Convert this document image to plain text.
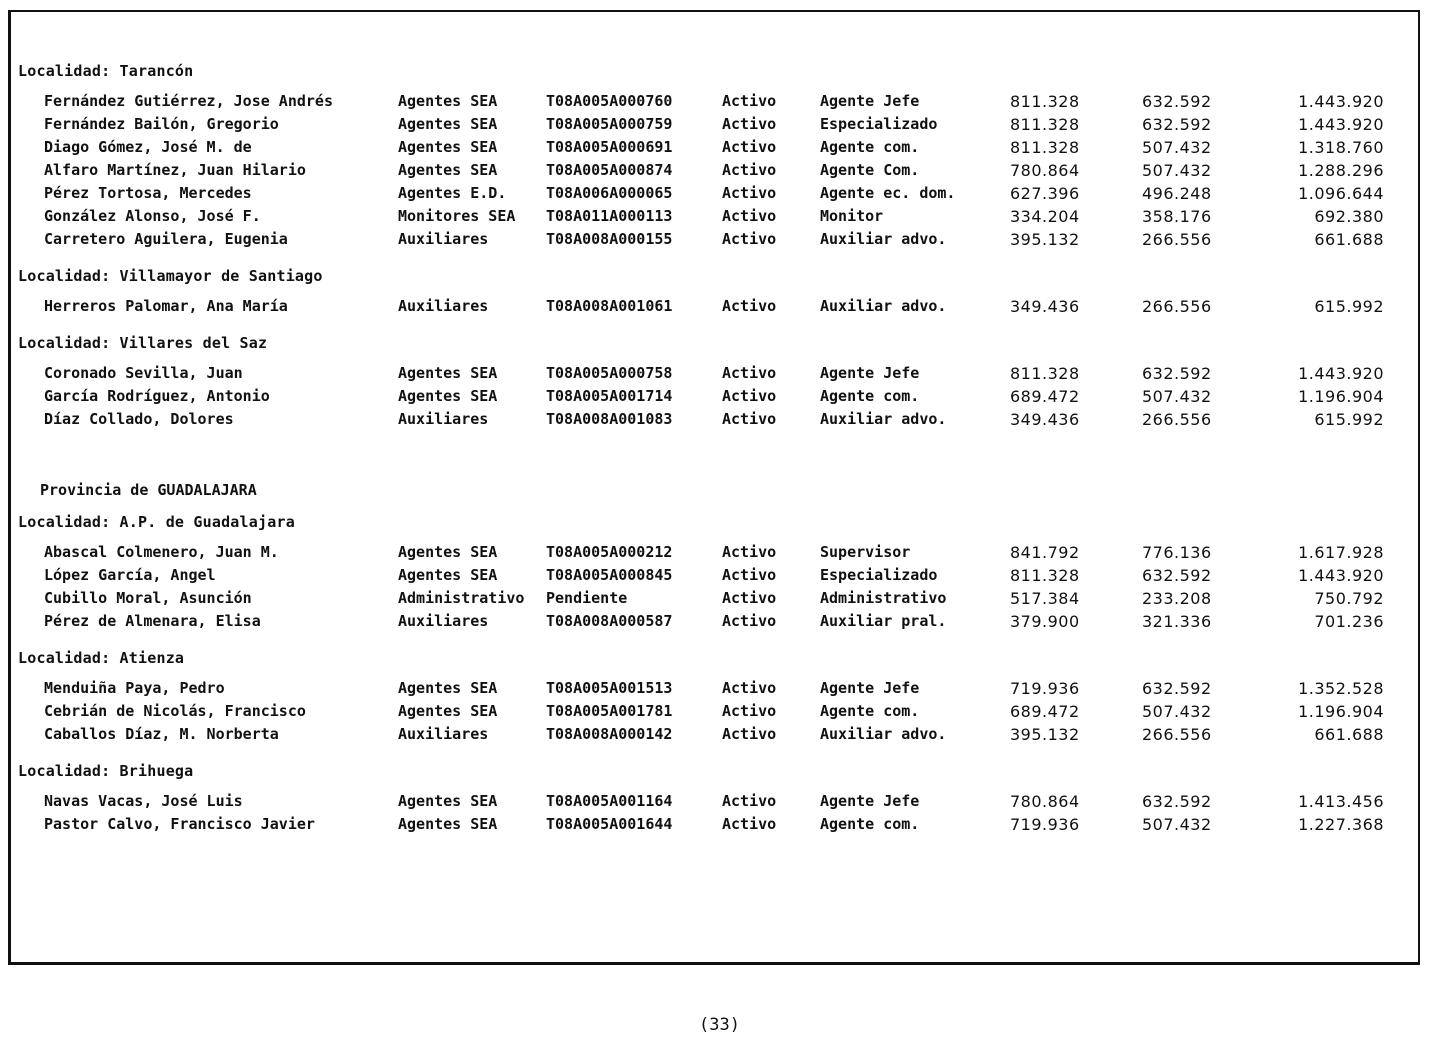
Localidad: Tarancón
Fernández Gutiérrez, Jose Andrés	Agentes SEA	T08A005A000760	Activo	Agente Jefe	811.328	632.592	1.443.920
Fernández Bailón, Gregorio	Agentes SEA	T08A005A000759	Activo	Especializado	811.328	632.592	1.443.920
Diago Gómez, José M. de	Agentes SEA	T08A005A000691	Activo	Agente com.	811.328	507.432	1.318.760
Alfaro Martínez, Juan Hilario	Agentes SEA	T08A005A000874	Activo	Agente Com.	780.864	507.432	1.288.296
Pérez Tortosa, Mercedes	Agentes E.D.	T08A006A000065	Activo	Agente ec. dom.	627.396	496.248	1.096.644
González Alonso, José F.	Monitores SEA	T08A011A000113	Activo	Monitor	334.204	358.176	692.380
Carretero Aguilera, Eugenia	Auxiliares	T08A008A000155	Activo	Auxiliar advo.	395.132	266.556	661.688
Localidad: Villamayor de Santiago
Herreros Palomar, Ana María	Auxiliares	T08A008A001061	Activo	Auxiliar advo.	349.436	266.556	615.992
Localidad: Villares del Saz
Coronado Sevilla, Juan	Agentes SEA	T08A005A000758	Activo	Agente Jefe	811.328	632.592	1.443.920
García Rodríguez, Antonio	Agentes SEA	T08A005A001714	Activo	Agente com.	689.472	507.432	1.196.904
Díaz Collado, Dolores	Auxiliares	T08A008A001083	Activo	Auxiliar advo.	349.436	266.556	615.992
Provincia de GUADALAJARA
Localidad: A.P. de Guadalajara
Abascal Colmenero, Juan M.	Agentes SEA	T08A005A000212	Activo	Supervisor	841.792	776.136	1.617.928
López García, Angel	Agentes SEA	T08A005A000845	Activo	Especializado	811.328	632.592	1.443.920
Cubillo Moral, Asunción	Administrativo	Pendiente	Activo	Administrativo	517.384	233.208	750.792
Pérez de Almenara, Elisa	Auxiliares	T08A008A000587	Activo	Auxiliar pral.	379.900	321.336	701.236
Localidad: Atienza
Menduiña Paya, Pedro	Agentes SEA	T08A005A001513	Activo	Agente Jefe	719.936	632.592	1.352.528
Cebrián de Nicolás, Francisco	Agentes SEA	T08A005A001781	Activo	Agente com.	689.472	507.432	1.196.904
Caballos Díaz, M. Norberta	Auxiliares	T08A008A000142	Activo	Auxiliar advo.	395.132	266.556	661.688
Localidad: Brihuega
Navas Vacas, José Luis	Agentes SEA	T08A005A001164	Activo	Agente Jefe	780.864	632.592	1.413.456
Pastor Calvo, Francisco Javier	Agentes SEA	T08A005A001644	Activo	Agente com.	719.936	507.432	1.227.368
(33)
